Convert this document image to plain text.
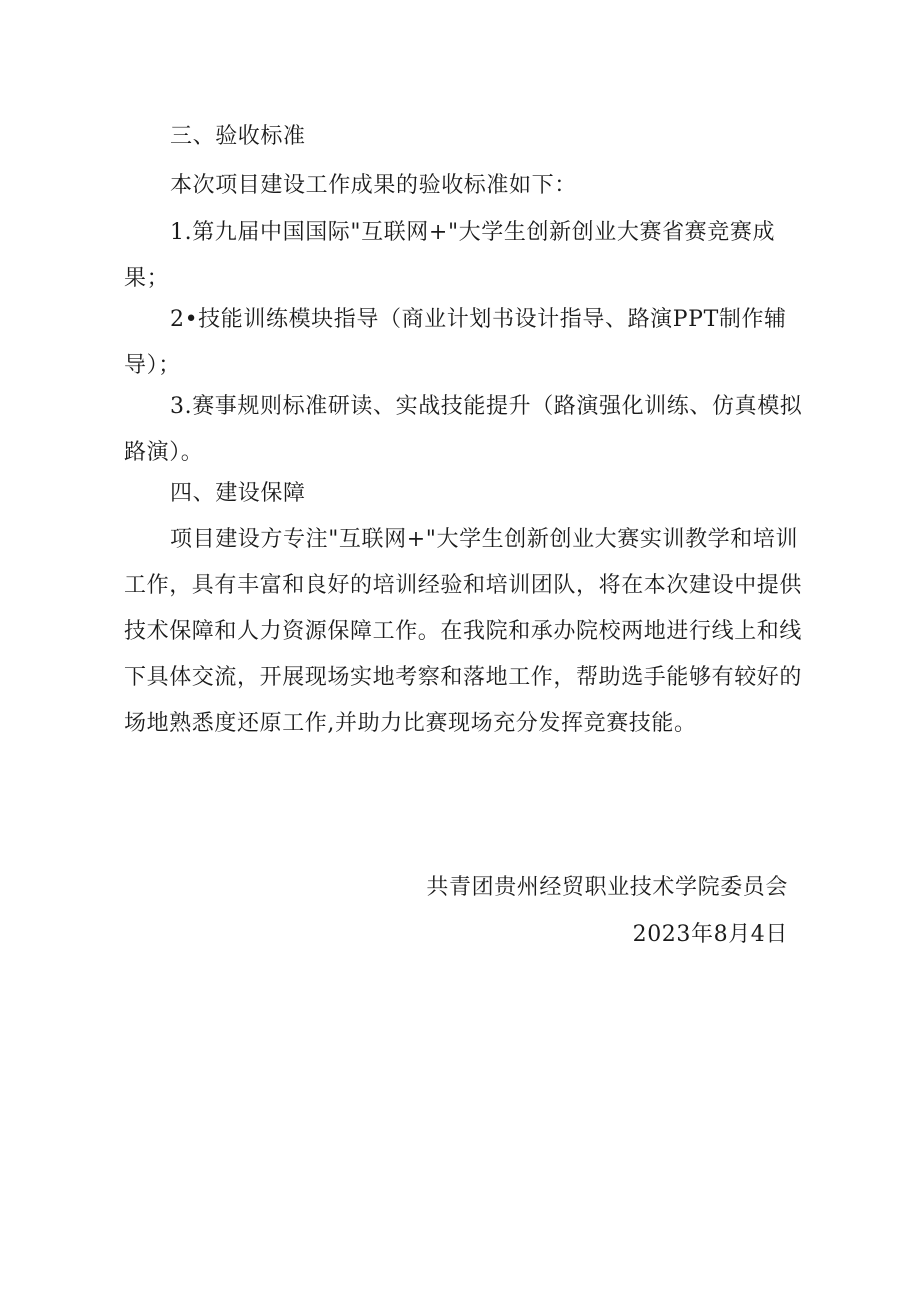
三、验收标准

本次项目建设工作成果的验收标准如下：

1.第九届中国国际"互联网+"大学生创新创业大赛省赛竞赛成果；

2•技能训练模块指导（商业计划书设计指导、路演PPT制作辅导）；

3.赛事规则标准研读、实战技能提升（路演强化训练、仿真模拟路演）。

四、建设保障

项目建设方专注"互联网+"大学生创新创业大赛实训教学和培训工作，具有丰富和良好的培训经验和培训团队，将在本次建设中提供技术保障和人力资源保障工作。在我院和承办院校两地进行线上和线下具体交流，开展现场实地考察和落地工作，帮助选手能够有较好的场地熟悉度还原工作,并助力比赛现场充分发挥竞赛技能。

共青团贵州经贸职业技术学院委员会

2023年8月4日
